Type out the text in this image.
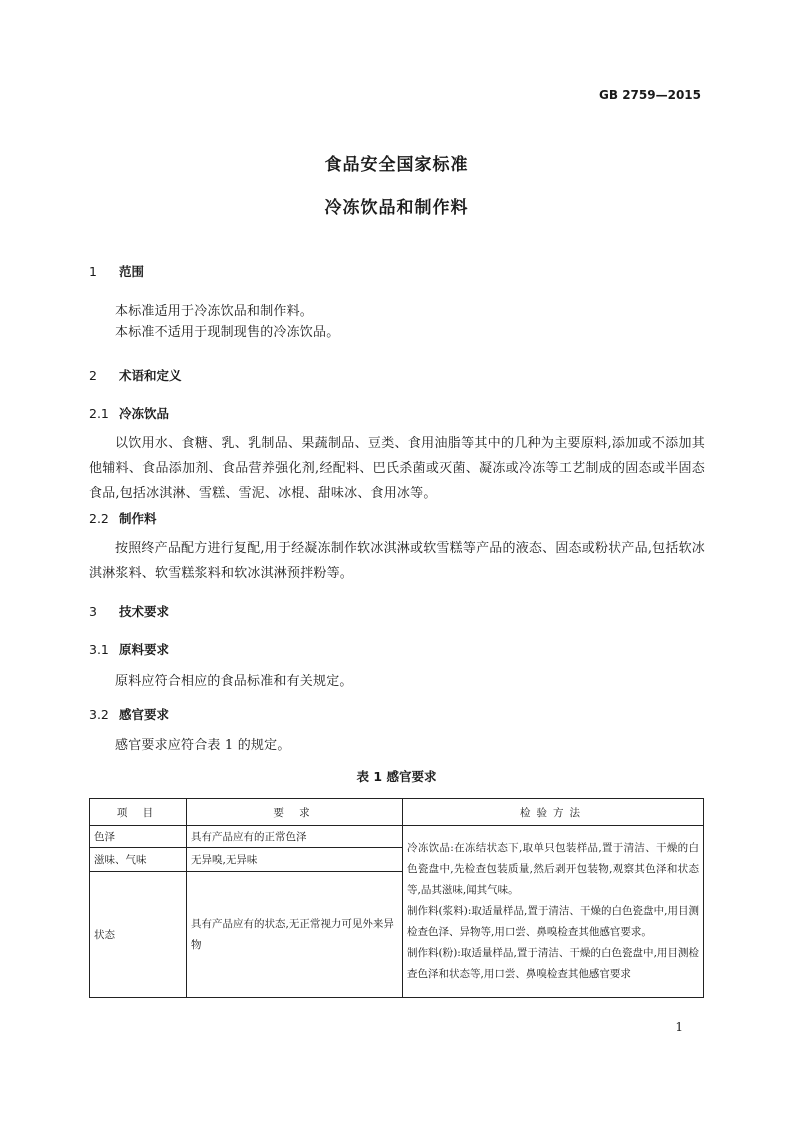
GB 2759—2015
食品安全国家标准
冷冻饮品和制作料
1 范围
本标准适用于冷冻饮品和制作料。
本标准不适用于现制现售的冷冻饮品。
2 术语和定义
2.1 冷冻饮品
以饮用水、食糖、乳、乳制品、果蔬制品、豆类、食用油脂等其中的几种为主要原料,添加或不添加其他辅料、食品添加剂、食品营养强化剂,经配料、巴氏杀菌或灭菌、凝冻或冷冻等工艺制成的固态或半固态食品,包括冰淇淋、雪糕、雪泥、冰棍、甜味冰、食用冰等。
2.2 制作料
按照终产品配方进行复配,用于经凝冻制作软冰淇淋或软雪糕等产品的液态、固态或粉状产品,包括软冰淇淋浆料、软雪糕浆料和软冰淇淋预拌粉等。
3 技术要求
3.1 原料要求
原料应符合相应的食品标准和有关规定。
3.2 感官要求
感官要求应符合表 1 的规定。
表 1 感官要求
项 目	要 求	检验方法
色泽	具有产品应有的正常色泽	冷冻饮品:在冻结状态下,取单只包装样品,置于清洁、干燥的白色瓷盘中,先检查包装质量,然后剥开包装物,观察其色泽和状态等,品其滋味,闻其气味。
制作料(浆料):取适量样品,置于清洁、干燥的白色瓷盘中,用目测检查色泽、异物等,用口尝、鼻嗅检查其他感官要求。
制作料(粉):取适量样品,置于清洁、干燥的白色瓷盘中,用目测检查色泽和状态等,用口尝、鼻嗅检查其他感官要求

滋味、气味	无异嗅,无异味	
状态	具有产品应有的状态,无正常视力可见外来异物	
1
